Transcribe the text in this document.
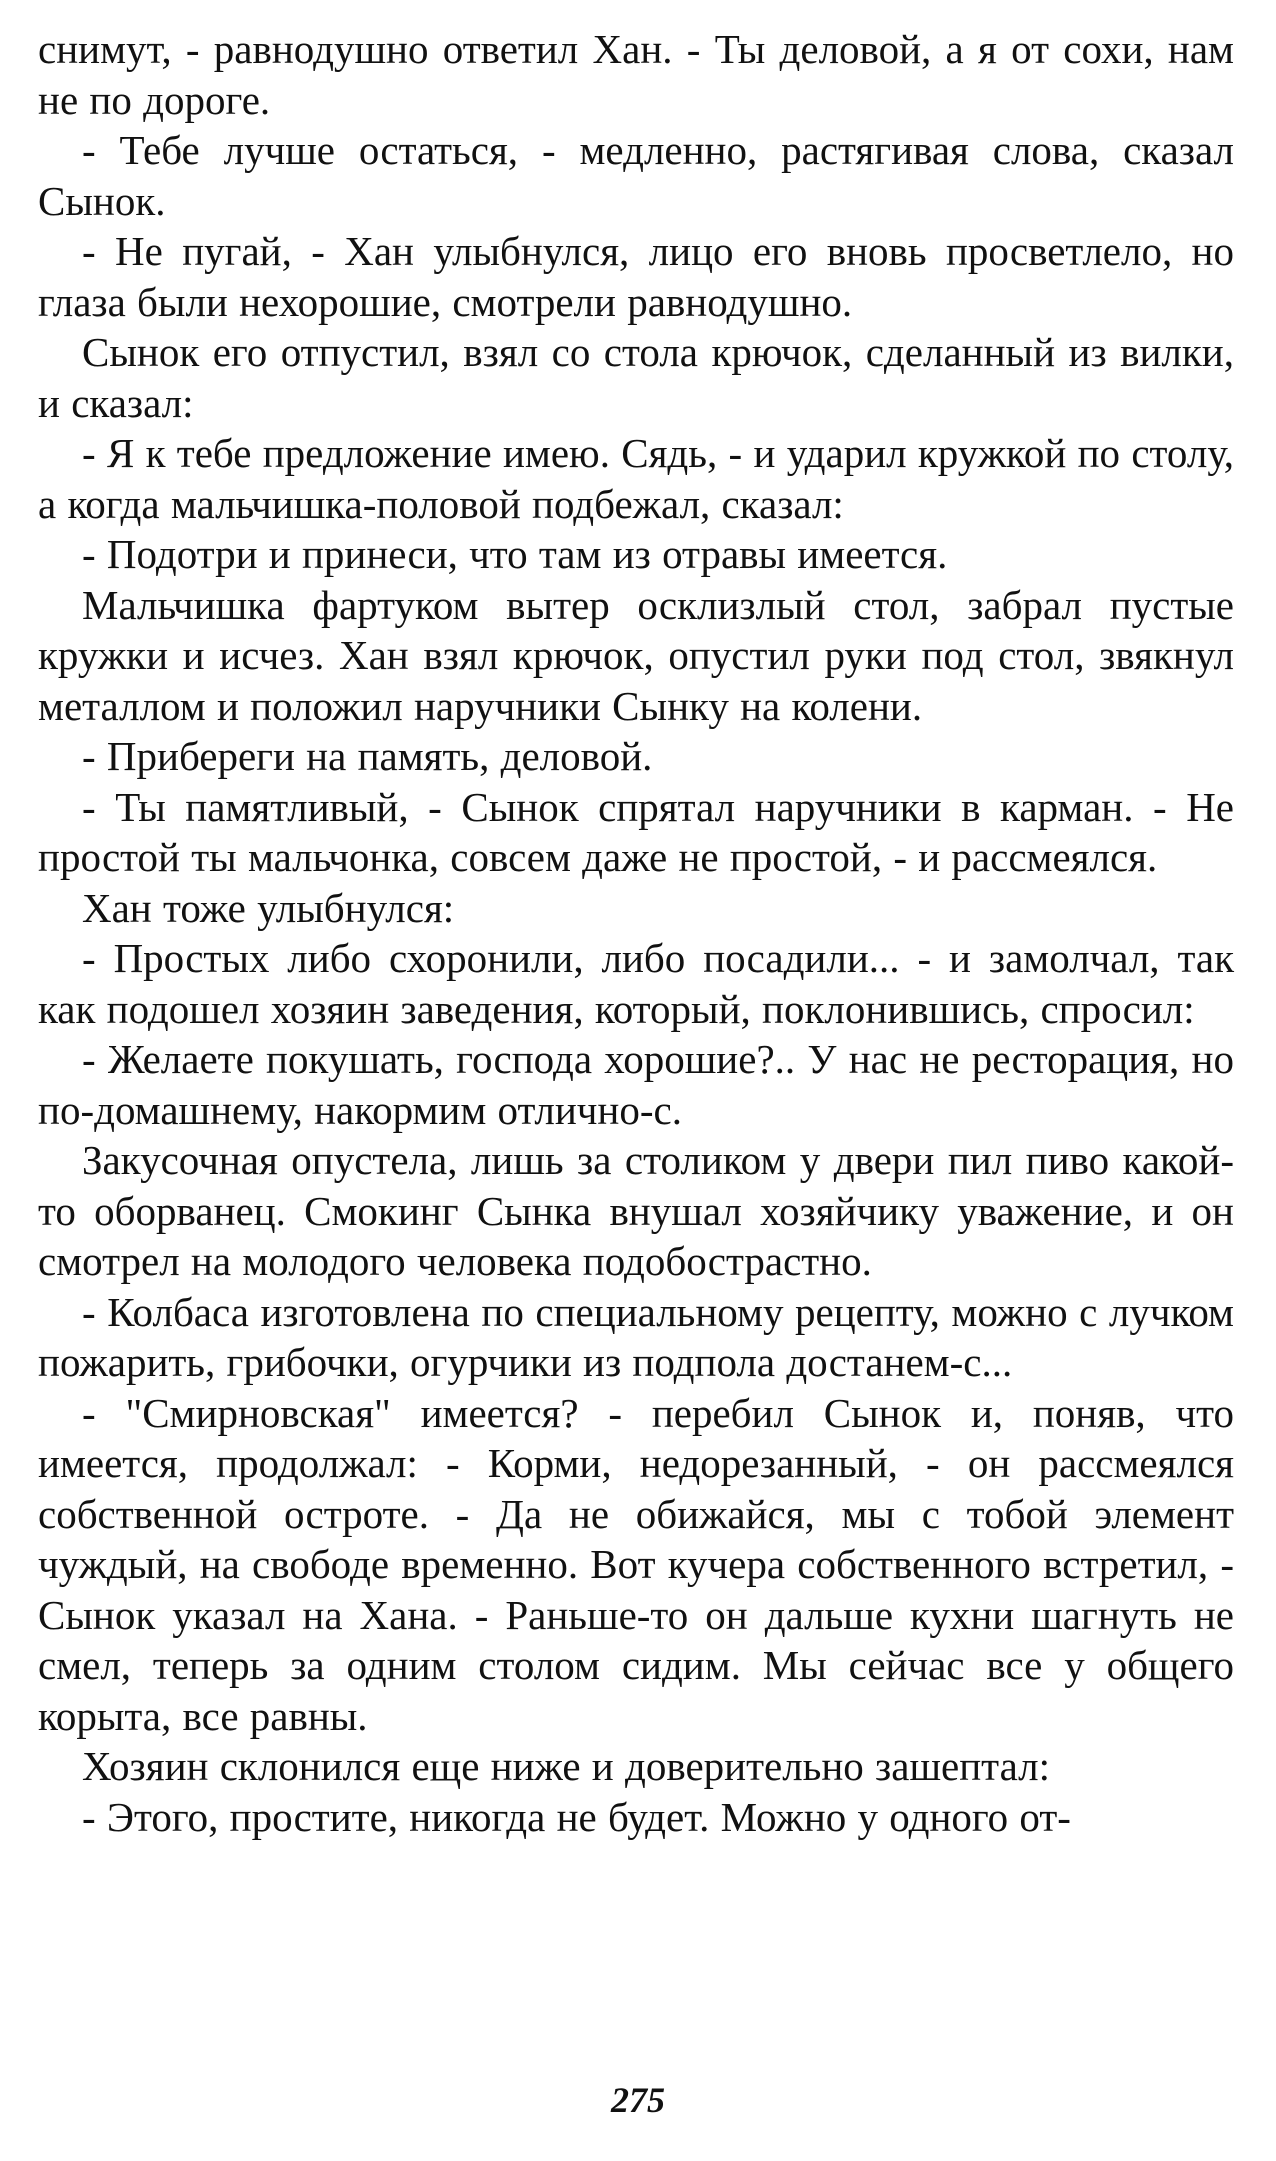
снимут, - равнодушно ответил Хан. - Ты деловой, а я от сохи, нам не по дороге.

- Тебе лучше остаться, - медленно, растягивая слова, сказал Сынок.

- Не пугай, - Хан улыбнулся, лицо его вновь просветлело, но глаза были нехорошие, смотрели равнодушно.

Сынок его отпустил, взял со стола крючок, сделанный из вилки, и сказал:

- Я к тебе предложение имею. Сядь, - и ударил кружкой по столу, а когда мальчишка-половой подбежал, сказал:

- Подотри и принеси, что там из отравы имеется.

Мальчишка фартуком вытер осклизлый стол, забрал пустые кружки и исчез. Хан взял крючок, опустил руки под стол, звякнул металлом и положил наручники Сынку на колени.

- Прибереги на память, деловой.

- Ты памятливый, - Сынок спрятал наручники в карман. - Не простой ты мальчонка, совсем даже не простой, - и рассмеялся.

Хан тоже улыбнулся:

- Простых либо схоронили, либо посадили... - и замолчал, так как подошел хозяин заведения, который, поклонившись, спросил:

- Желаете покушать, господа хорошие?.. У нас не ресторация, но по-домашнему, накормим отлично-с.

Закусочная опустела, лишь за столиком у двери пил пиво какой-то оборванец. Смокинг Сынка внушал хозяйчику уважение, и он смотрел на молодого человека подобострастно.

- Колбаса изготовлена по специальному рецепту, можно с лучком пожарить, грибочки, огурчики из подпола достанем-с...

- "Смирновская" имеется? - перебил Сынок и, поняв, что имеется, продолжал: - Корми, недорезанный, - он рассмеялся собственной остроте. - Да не обижайся, мы с тобой элемент чуждый, на свободе временно. Вот кучера собственного встретил, - Сынок указал на Хана. - Раньше-то он дальше кухни шагнуть не смел, теперь за одним столом сидим. Мы сейчас все у общего корыта, все равны.

Хозяин склонился еще ниже и доверительно зашептал:

- Этого, простите, никогда не будет. Можно у одного от-

275
